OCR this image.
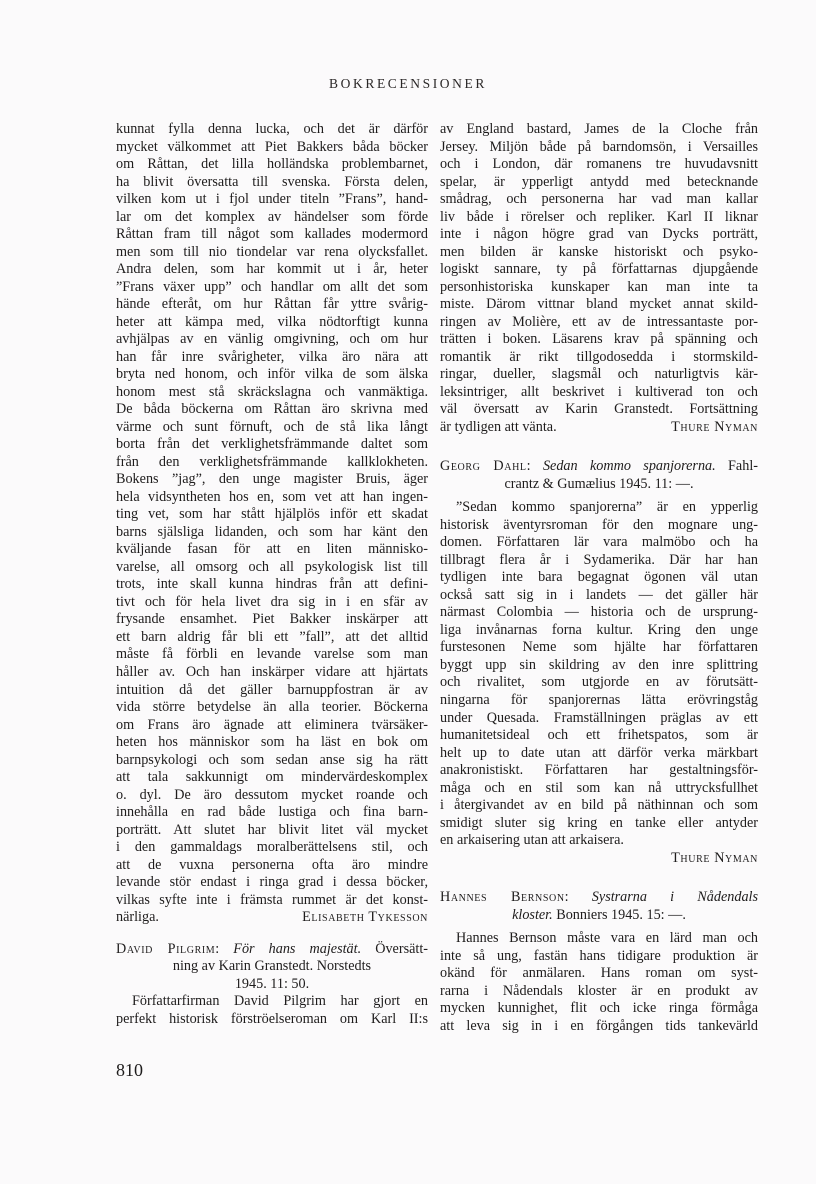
BOKRECENSIONER
kunnat fylla denna lucka, och det är därför
mycket välkommet att Piet Bakkers båda böcker
om Råttan, det lilla holländska problembarnet,
ha blivit översatta till svenska. Första delen,
vilken kom ut i fjol under titeln ”Frans”, hand-
lar om det komplex av händelser som förde
Råttan fram till något som kallades modermord
men som till nio tiondelar var rena olycksfallet.
Andra delen, som har kommit ut i år, heter
”Frans växer upp” och handlar om allt det som
hände efteråt, om hur Råttan får yttre svårig-
heter att kämpa med, vilka nödtorftigt kunna
avhjälpas av en vänlig omgivning, och om hur
han får inre svårigheter, vilka äro nära att
bryta ned honom, och inför vilka de som älska
honom mest stå skräckslagna och vanmäktiga.
De båda böckerna om Råttan äro skrivna med
värme och sunt förnuft, och de stå lika långt
borta från det verklighetsfrämmande daltet som
från den verklighetsfrämmande kallklokheten.
Bokens ”jag”, den unge magister Bruis, äger
hela vidsyntheten hos en, som vet att han ingen-
ting vet, som har stått hjälplös inför ett skadat
barns själsliga lidanden, och som har känt den
kväljande fasan för att en liten människo-
varelse, all omsorg och all psykologisk list till
trots, inte skall kunna hindras från att defini-
tivt och för hela livet dra sig in i en sfär av
frysande ensamhet. Piet Bakker inskärper att
ett barn aldrig får bli ett ”fall”, att det alltid
måste få förbli en levande varelse som man
håller av. Och han inskärper vidare att hjärtats
intuition då det gäller barnuppfostran är av
vida större betydelse än alla teorier. Böckerna
om Frans äro ägnade att eliminera tvärsäker-
heten hos människor som ha läst en bok om
barnpsykologi och som sedan anse sig ha rätt
att tala sakkunnigt om mindervärdeskomplex
o. dyl. De äro dessutom mycket roande och
innehålla en rad både lustiga och fina barn-
porträtt. Att slutet har blivit litet väl mycket
i den gammaldags moralberättelsens stil, och
att de vuxna personerna ofta äro mindre
levande stör endast i ringa grad i dessa böcker,
vilkas syfte inte i främsta rummet är det konst-
närliga.	Elisabeth Tykesson
David Pilgrim: För hans majestät. Översätt-
ning av Karin Granstedt. Norstedts
1945. 11: 50.
Författarfirman David Pilgrim har gjort en
perfekt historisk förströelseroman om Karl II:s
av England bastard, James de la Cloche från
Jersey. Miljön både på barndomsön, i Versailles
och i London, där romanens tre huvudavsnitt
spelar, är ypperligt antydd med betecknande
smådrag, och personerna har vad man kallar
liv både i rörelser och repliker. Karl II liknar
inte i någon högre grad van Dycks porträtt,
men bilden är kanske historiskt och psyko-
logiskt sannare, ty på författarnas djupgående
personhistoriska kunskaper kan man inte ta
miste. Därom vittnar bland mycket annat skild-
ringen av Molière, ett av de intressantaste por-
trätten i boken. Läsarens krav på spänning och
romantik är rikt tillgodosedda i stormskild-
ringar, dueller, slagsmål och naturligtvis kär-
leksintriger, allt beskrivet i kultiverad ton och
väl översatt av Karin Granstedt. Fortsättning
är tydligen att vänta.	Thure Nyman
Georg Dahl: Sedan kommo spanjorerna. Fahl-
crantz & Gumælius 1945. 11: —.
”Sedan kommo spanjorerna” är en ypperlig
historisk äventyrsroman för den mognare ung-
domen. Författaren lär vara malmöbo och ha
tillbragt flera år i Sydamerika. Där har han
tydligen inte bara begagnat ögonen väl utan
också satt sig in i landets — det gäller här
närmast Colombia — historia och de ursprung-
liga invånarnas forna kultur. Kring den unge
furstesonen Neme som hjälte har författaren
byggt upp sin skildring av den inre splittring
och rivalitet, som utgjorde en av förutsätt-
ningarna för spanjorernas lätta erövringståg
under Quesada. Framställningen präglas av ett
humanitetsideal och ett frihetspatos, som är
helt up to date utan att därför verka märkbart
anakronistiskt. Författaren har gestaltningsför-
måga och en stil som kan nå uttrycksfullhet
i återgivandet av en bild på näthinnan och som
smidigt sluter sig kring en tanke eller antyder
en arkaisering utan att arkaisera.
Thure Nyman
Hannes Bernson: Systrarna i Nådendals
kloster. Bonniers 1945. 15: —.
Hannes Bernson måste vara en lärd man och
inte så ung, fastän hans tidigare produktion är
okänd för anmälaren. Hans roman om syst-
rarna i Nådendals kloster är en produkt av
mycken kunnighet, flit och icke ringa förmåga
att leva sig in i en förgången tids tankevärld
810
